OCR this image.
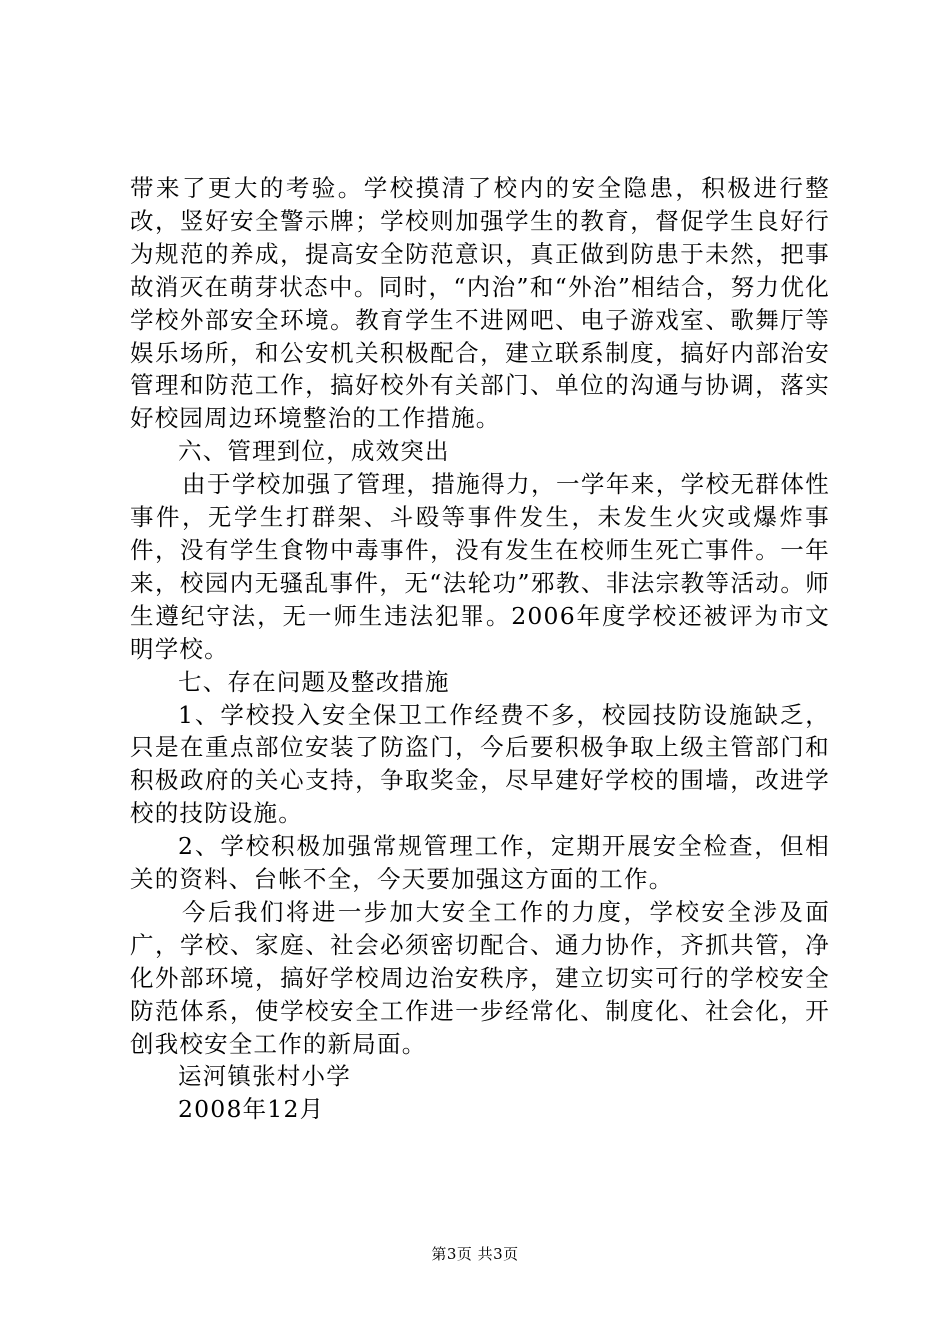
带来了更大的考验。学校摸清了校内的安全隐患，积极进行整改，竖好安全警示牌；学校则加强学生的教育，督促学生良好行为规范的养成，提高安全防范意识，真正做到防患于未然，把事故消灭在萌芽状态中。同时，“内治”和“外治”相结合，努力优化学校外部安全环境。教育学生不进网吧、电子游戏室、歌舞厅等娱乐场所，和公安机关积极配合，建立联系制度，搞好内部治安管理和防范工作，搞好校外有关部门、单位的沟通与协调，落实好校园周边环境整治的工作措施。

六、管理到位，成效突出

由于学校加强了管理，措施得力，一学年来，学校无群体性事件，无学生打群架、斗殴等事件发生，未发生火灾或爆炸事件，没有学生食物中毒事件，没有发生在校师生死亡事件。一年来，校园内无骚乱事件，无“法轮功”邪教、非法宗教等活动。师生遵纪守法，无一师生违法犯罪。2006年度学校还被评为市文明学校。

七、存在问题及整改措施

1、学校投入安全保卫工作经费不多，校园技防设施缺乏，只是在重点部位安装了防盗门，今后要积极争取上级主管部门和积极政府的关心支持，争取奖金，尽早建好学校的围墙，改进学校的技防设施。

2、学校积极加强常规管理工作，定期开展安全检查，但相关的资料、台帐不全，今天要加强这方面的工作。

今后我们将进一步加大安全工作的力度，学校安全涉及面广，学校、家庭、社会必须密切配合、通力协作，齐抓共管，净化外部环境，搞好学校周边治安秩序，建立切实可行的学校安全防范体系，使学校安全工作进一步经常化、制度化、社会化，开创我校安全工作的新局面。

运河镇张村小学

2008年12月

第3页 共3页
